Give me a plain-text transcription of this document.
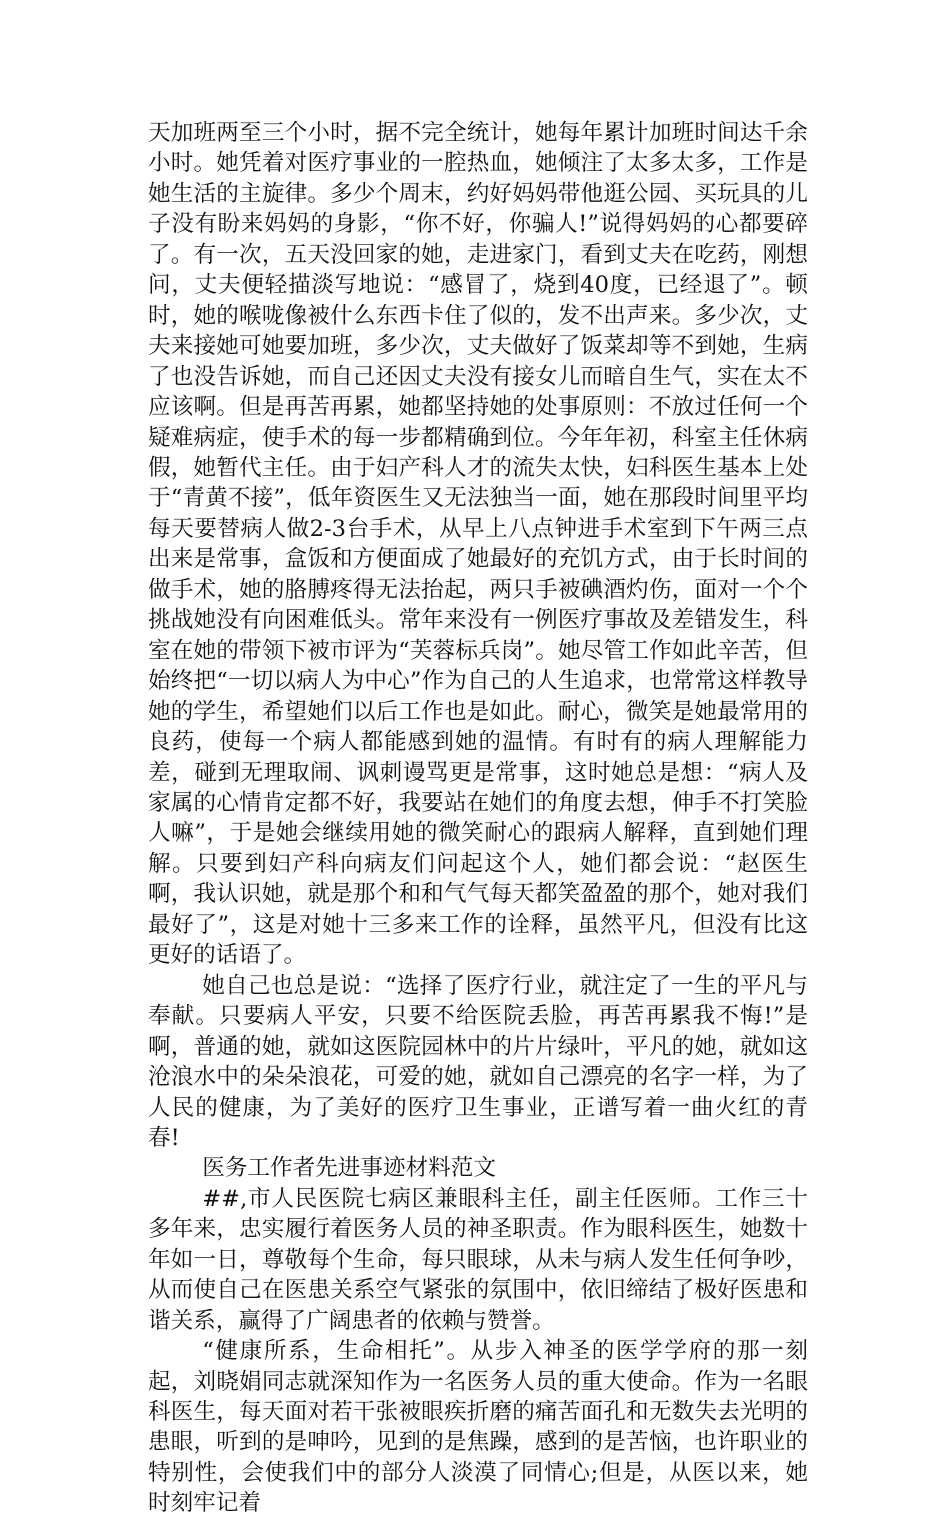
天加班两至三个小时，据不完全统计，她每年累计加班时间达千余小时。她凭着对医疗事业的一腔热血，她倾注了太多太多，工作是她生活的主旋律。多少个周末，约好妈妈带他逛公园、买玩具的儿子没有盼来妈妈的身影，“你不好，你骗人!”说得妈妈的心都要碎了。有一次，五天没回家的她，走进家门，看到丈夫在吃药，刚想问，丈夫便轻描淡写地说：“感冒了，烧到40度，已经退了”。顿时，她的喉咙像被什么东西卡住了似的，发不出声来。多少次，丈夫来接她可她要加班，多少次，丈夫做好了饭菜却等不到她，生病了也没告诉她，而自己还因丈夫没有接女儿而暗自生气，实在太不应该啊。但是再苦再累，她都坚持她的处事原则：不放过任何一个疑难病症，使手术的每一步都精确到位。今年年初，科室主任休病假，她暂代主任。由于妇产科人才的流失太快，妇科医生基本上处于“青黄不接”，低年资医生又无法独当一面，她在那段时间里平均每天要替病人做2-3台手术，从早上八点钟进手术室到下午两三点出来是常事，盒饭和方便面成了她最好的充饥方式，由于长时间的做手术，她的胳膊疼得无法抬起，两只手被碘酒灼伤，面对一个个挑战她没有向困难低头。常年来没有一例医疗事故及差错发生，科室在她的带领下被市评为“芙蓉标兵岗”。她尽管工作如此辛苦，但始终把“一切以病人为中心”作为自己的人生追求，也常常这样教导她的学生，希望她们以后工作也是如此。耐心，微笑是她最常用的良药，使每一个病人都能感到她的温情。有时有的病人理解能力差，碰到无理取闹、讽刺谩骂更是常事，这时她总是想：“病人及家属的心情肯定都不好，我要站在她们的角度去想，伸手不打笑脸人嘛”，于是她会继续用她的微笑耐心的跟病人解释，直到她们理解。只要到妇产科向病友们问起这个人，她们都会说：“赵医生啊，我认识她，就是那个和和气气每天都笑盈盈的那个，她对我们最好了”，这是对她十三多来工作的诠释，虽然平凡，但没有比这更好的话语了。

她自己也总是说：“选择了医疗行业，就注定了一生的平凡与奉献。只要病人平安，只要不给医院丢脸，再苦再累我不悔!”是啊，普通的她，就如这医院园林中的片片绿叶，平凡的她，就如这沧浪水中的朵朵浪花，可爱的她，就如自己漂亮的名字一样，为了人民的健康，为了美好的医疗卫生事业，正谱写着一曲火红的青春!

医务工作者先进事迹材料范文

##,市人民医院七病区兼眼科主任，副主任医师。工作三十多年来，忠实履行着医务人员的神圣职责。作为眼科医生，她数十年如一日，尊敬每个生命，每只眼球，从未与病人发生任何争吵，从而使自己在医患关系空气紧张的氛围中，依旧缔结了极好医患和谐关系，赢得了广阔患者的依赖与赞誉。

“健康所系，生命相托”。从步入神圣的医学学府的那一刻起，刘晓娟同志就深知作为一名医务人员的重大使命。作为一名眼科医生，每天面对若干张被眼疾折磨的痛苦面孔和无数失去光明的患眼，听到的是呻吟，见到的是焦躁，感到的是苦恼，也许职业的特别性，会使我们中的部分人淡漠了同情心;但是，从医以来，她时刻牢记着
